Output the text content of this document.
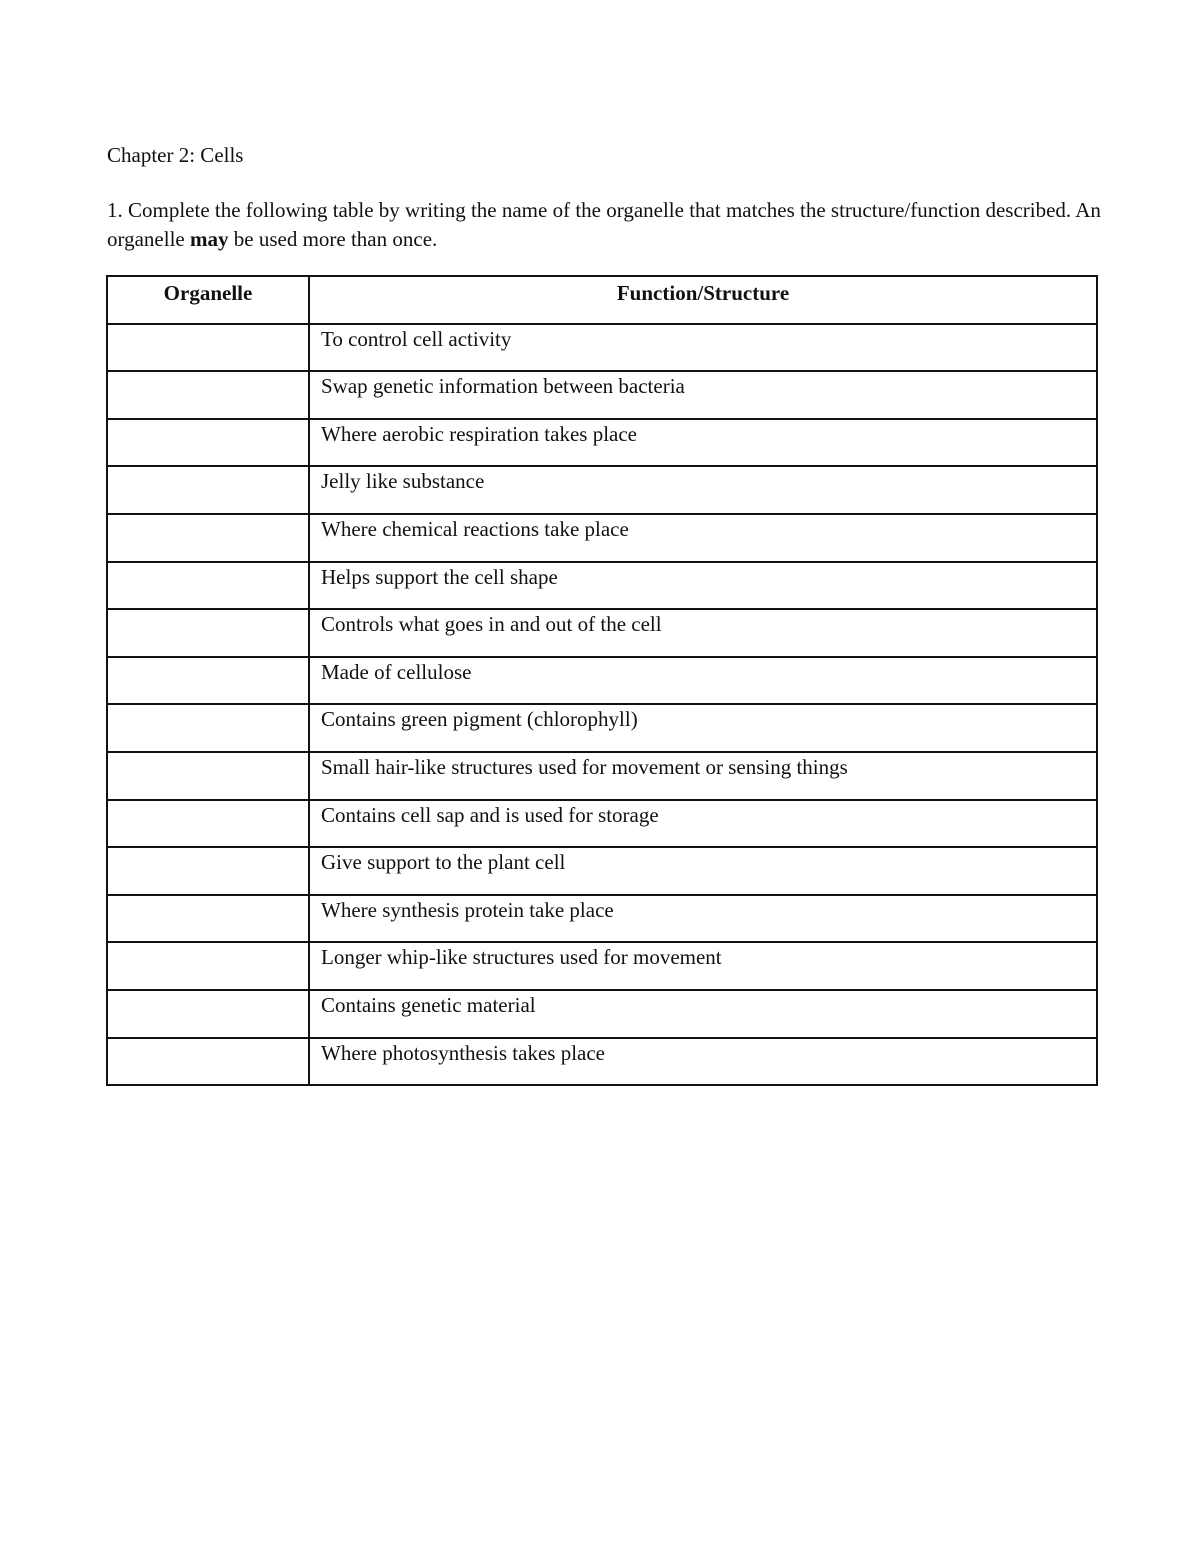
Chapter 2: Cells
1. Complete the following table by writing the name of the organelle that matches the structure/function described. An organelle may be used more than once.
Organelle	Function/Structure
	To control cell activity
	Swap genetic information between bacteria
	Where aerobic respiration takes place
	Jelly like substance
	Where chemical reactions take place
	Helps support the cell shape
	Controls what goes in and out of the cell
	Made of cellulose
	Contains green pigment (chlorophyll)
	Small hair-like structures used for movement or sensing things
	Contains cell sap and is used for storage
	Give support to the plant cell
	Where synthesis protein take place
	Longer whip-like structures used for movement
	Contains genetic material
	Where photosynthesis takes place
